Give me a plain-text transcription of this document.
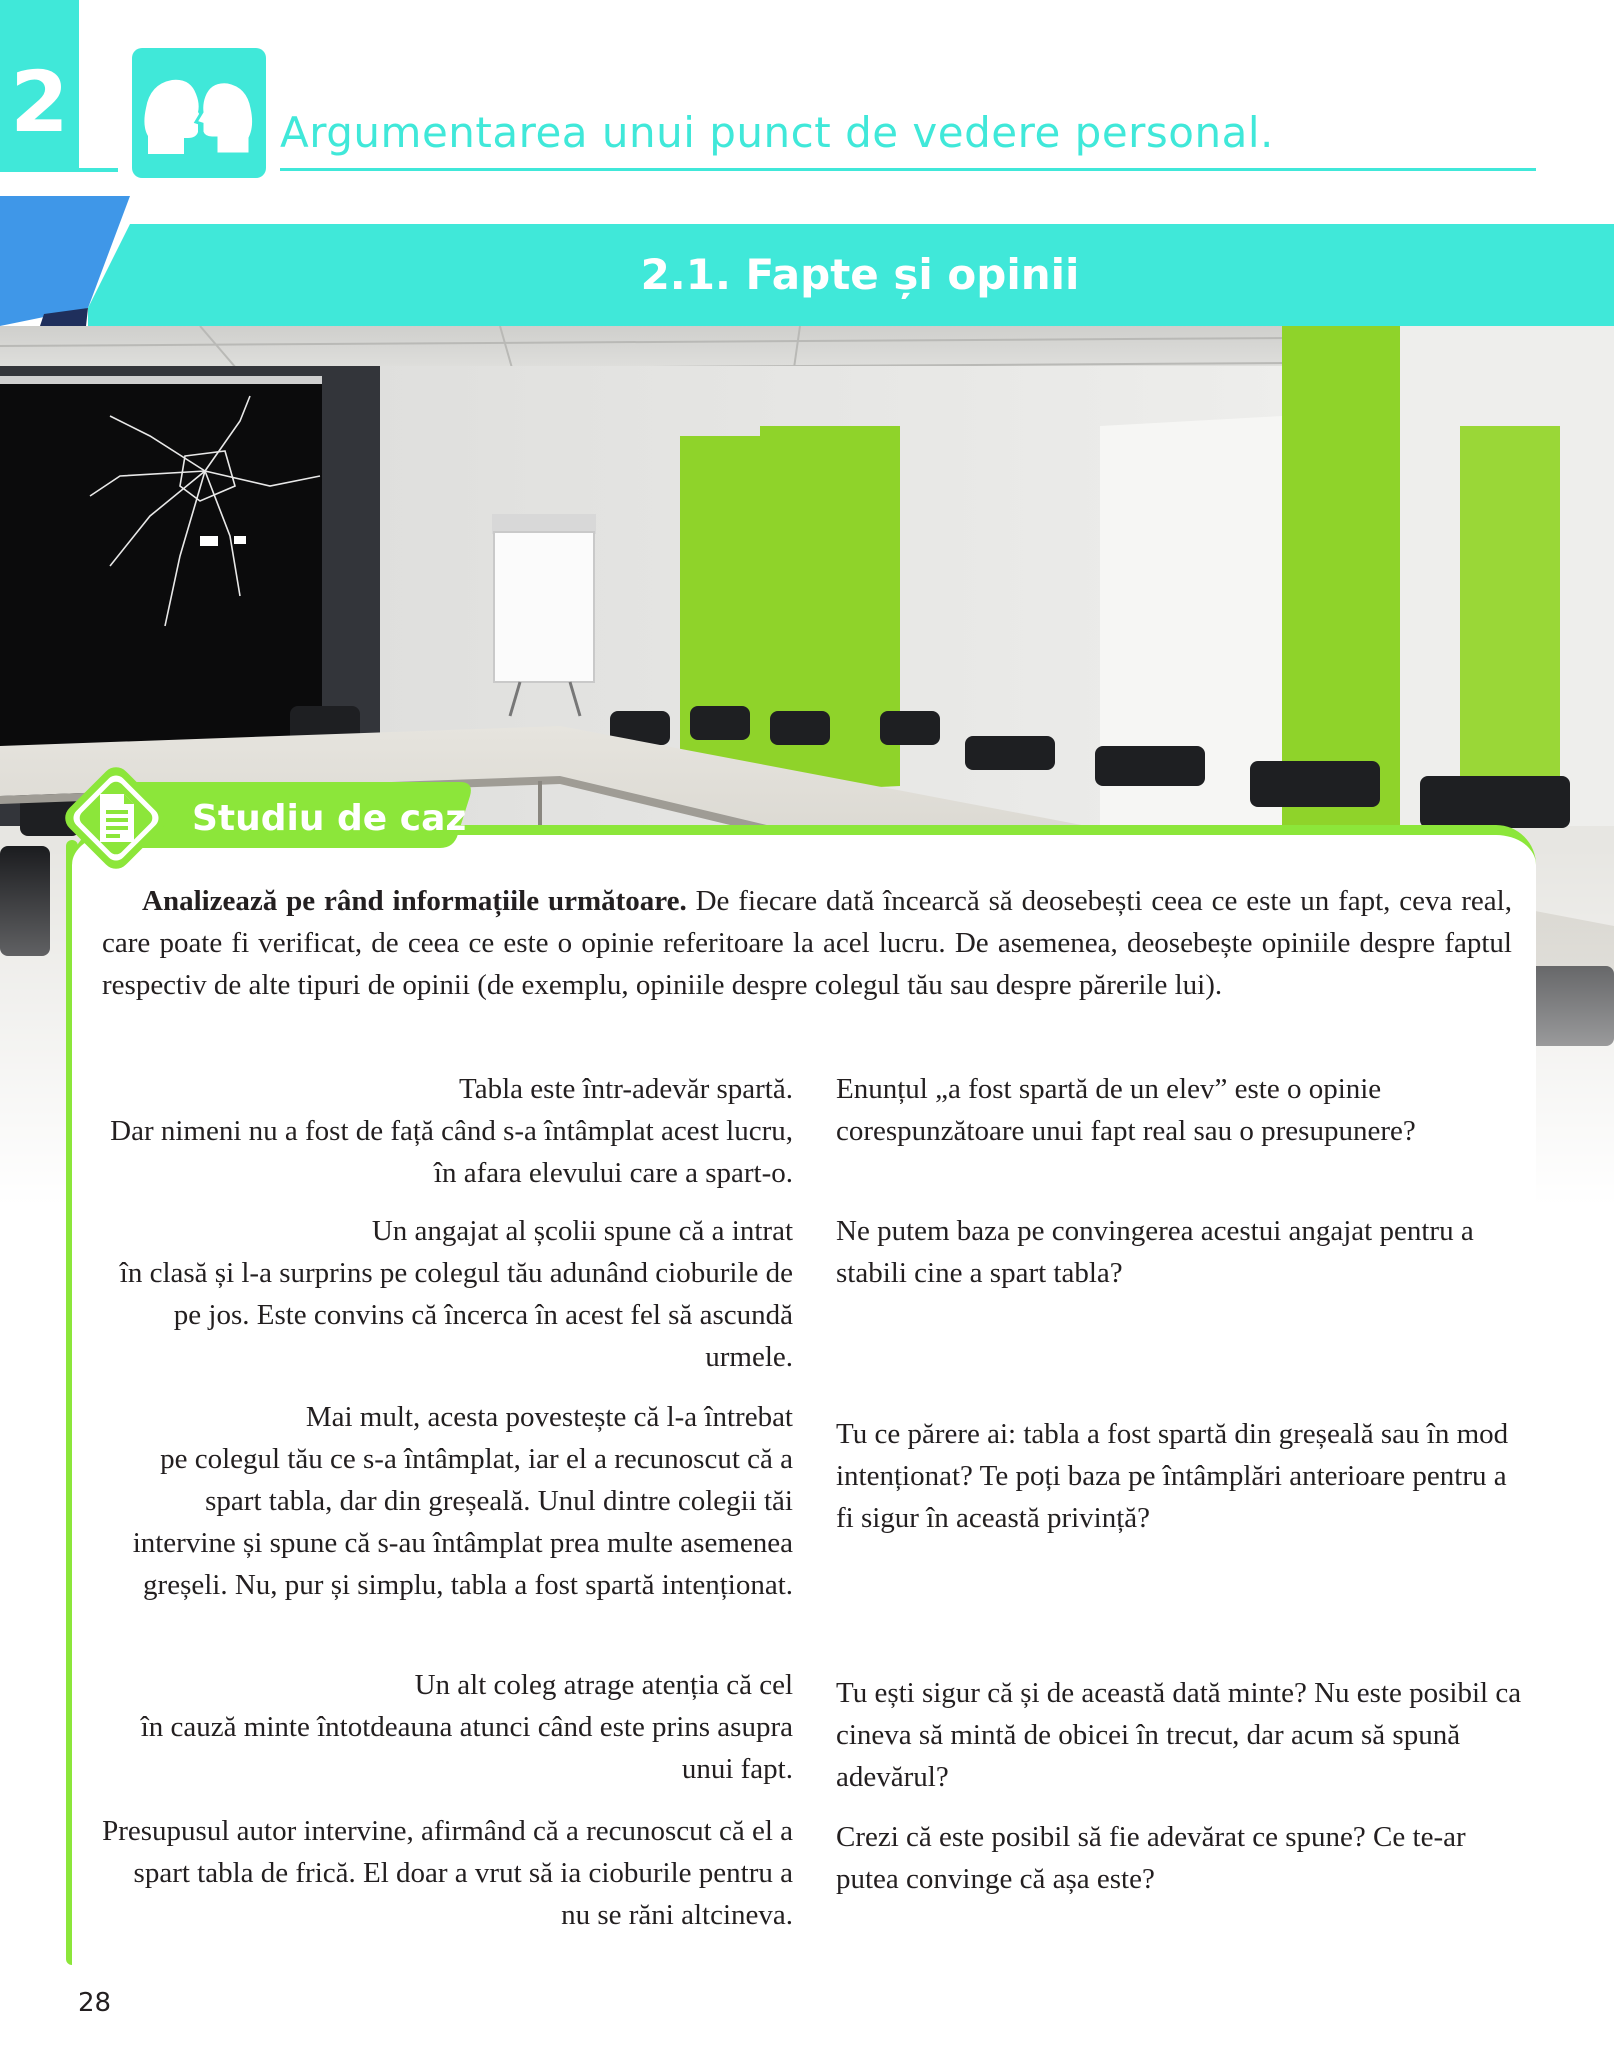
2	Argumentarea unui punct de vedere personal.
2.1. Fapte și opinii
Studiu de caz
Analizează pe rând informațiile următoare. De fiecare dată încearcă să deosebești ceea ce este un fapt, ceva real, care poate fi verificat, de ceea ce este o opinie referitoare la acel lucru. De asemenea, deosebește opiniile despre faptul respectiv de alte tipuri de opinii (de exemplu, opiniile despre colegul tău sau despre părerile lui).
Tabla este într-adevăr spartă.
Dar nimeni nu a fost de față când s-a întâmplat acest lucru, în afara elevului care a spart-o.
Enunțul „a fost spartă de un elev” este o opinie corespunzătoare unui fapt real sau o presupunere?
Un angajat al școlii spune că a intrat
în clasă și l-a surprins pe colegul tău adunând cioburile de pe jos. Este convins că încerca în acest fel să ascundă urmele.
Ne putem baza pe convingerea acestui angajat pentru a stabili cine a spart tabla?
Mai mult, acesta povestește că l-a întrebat
pe colegul tău ce s-a întâmplat, iar el a recunoscut că a spart tabla, dar din greșeală. Unul dintre colegii tăi intervine și spune că s-au întâmplat prea multe asemenea greșeli. Nu, pur și simplu, tabla a fost spartă intenționat.
Tu ce părere ai: tabla a fost spartă din greșeală sau în mod intenționat? Te poți baza pe întâmplări anterioare pentru a fi sigur în această privință?
Un alt coleg atrage atenția că cel
în cauză minte întotdeauna atunci când este prins asupra unui fapt.
Tu ești sigur că și de această dată minte? Nu este posibil ca cineva să mintă de obicei în trecut, dar acum să spună adevărul?
Presupusul autor intervine, afirmând că a recunoscut că el a spart tabla de frică. El doar a vrut să ia cioburile pentru a nu se răni altcineva.
Crezi că este posibil să fie adevărat ce spune? Ce te-ar putea convinge că așa este?
28
